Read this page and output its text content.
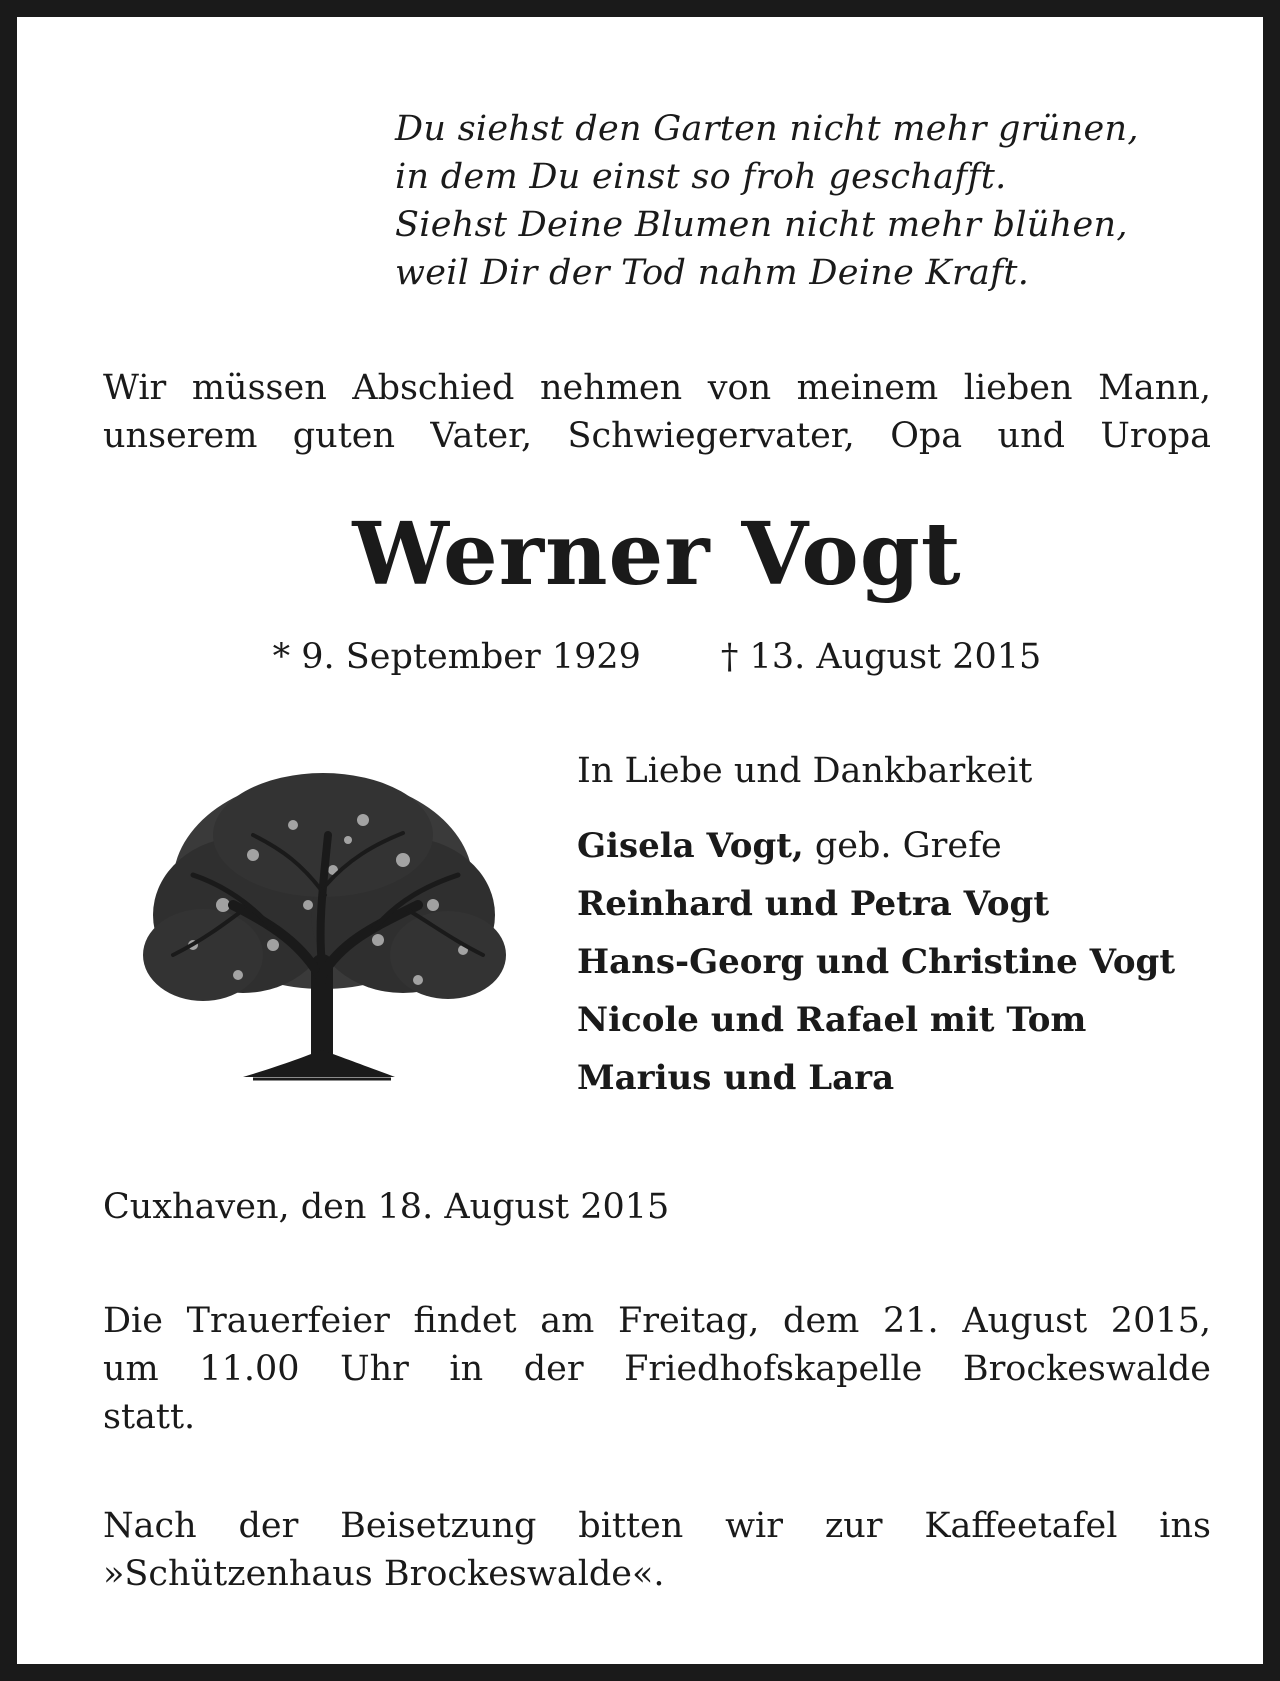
Du siehst den Garten nicht mehr grünen,
in dem Du einst so froh geschafft.
Siehst Deine Blumen nicht mehr blühen,
weil Dir der Tod nahm Deine Kraft.
Wir müssen Abschied nehmen von meinem lieben Mann,
unserem guten Vater, Schwiegervater, Opa und Uropa
Werner Vogt
* 9. September 1929 † 13. August 2015
In Liebe und Dankbarkeit
Gisela Vogt, geb. Grefe
Reinhard und Petra Vogt
Hans-Georg und Christine Vogt
Nicole und Rafael mit Tom
Marius und Lara
Cuxhaven, den 18. August 2015
Die Trauerfeier findet am Freitag, dem 21. August 2015,
um 11.00 Uhr in der Friedhofskapelle Brockeswalde
statt.
Nach der Beisetzung bitten wir zur Kaffeetafel ins
»Schützenhaus Brockeswalde«.
